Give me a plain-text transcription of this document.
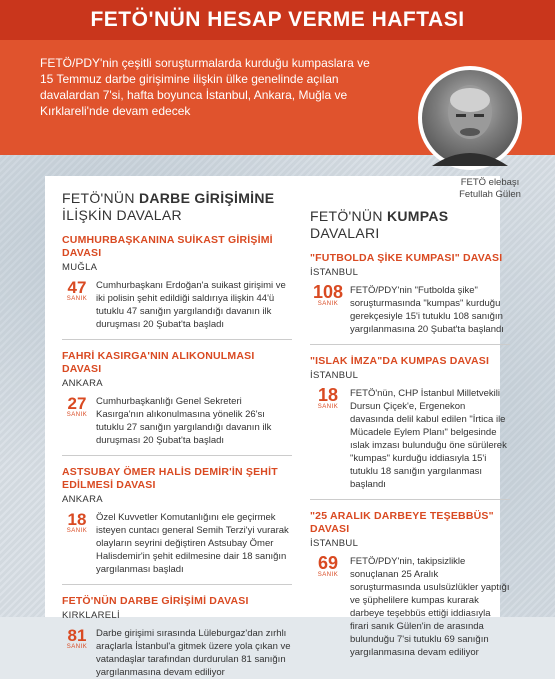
FETÖ'NÜN HESAP VERME HAFTASI
FETÖ/PDY'nin çeşitli soruşturmalarda kurduğu kumpaslara ve 15 Temmuz darbe girişimine ilişkin ülke genelinde açılan davalardan 7'si, hafta boyunca İstanbul, Ankara, Muğla ve Kırklareli'nde devam edecek
FETÖ elebaşı
Fetullah Gülen
FETÖ'NÜN DARBE GİRİŞİMİNE
İLİŞKİN DAVALAR
CUMHURBAŞKANINA SUİKAST GİRİŞİMİ DAVASI
MUĞLA
47
SANIK
Cumhurbaşkanı Erdoğan'a suikast girişimi ve iki polisin şehit edildiği saldırıya ilişkin 44'ü tutuklu 47 sanığın yargılandığı davanın ilk duruşması 20 Şubat'ta başladı
FAHRİ KASIRGA'NIN ALIKONULMASI DAVASI
ANKARA
27
SANIK
Cumhurbaşkanlığı Genel Sekreteri Kasırga'nın alıkonulmasına yönelik 26'sı tutuklu 27 sanığın yargılandığı davanın ilk duruşması 20 Şubat'ta başladı
ASTSUBAY ÖMER HALİS DEMİR'İN ŞEHİT EDİLMESİ DAVASI
ANKARA
18
SANIK
Özel Kuvvetler Komutanlığını ele geçirmek isteyen cuntacı general Semih Terzi'yi vurarak olayların seyrini değiştiren Astsubay Ömer Halisdemir'in şehit edilmesine dair 18 sanığın yargılanması başladı
FETÖ'NÜN DARBE GİRİŞİMİ DAVASI
KIRKLARELİ
81
SANIK
Darbe girişimi sırasında Lüleburgaz'dan zırhlı araçlarla İstanbul'a gitmek üzere yola çıkan ve vatandaşlar tarafından durdurulan 81 sanığın yargılanmasına devam ediliyor
FETÖ'NÜN KUMPAS
DAVALARI
"FUTBOLDA ŞİKE KUMPASI" DAVASI
İSTANBUL
108
SANIK
FETÖ/PDY'nin "Futbolda şike" soruşturmasında "kumpas" kurduğu gerekçesiyle 15'i tutuklu 108 sanığın yargılanmasına 20 Şubat'ta başlandı
"ISLAK İMZA"DA KUMPAS DAVASI
İSTANBUL
18
SANIK
FETÖ'nün, CHP İstanbul Milletvekili Dursun Çiçek'e, Ergenekon davasında delil kabul edilen "İrtica ile Mücadele Eylem Planı" belgesinde ıslak imzası bulunduğu öne sürülerek "kumpas" kurduğu iddiasıyla 15'i tutuklu 18 sanığın yargılanması başlandı
"25 ARALIK DARBEYE TEŞEBBÜS" DAVASI
İSTANBUL
69
SANIK
FETÖ/PDY'nin, takipsizlikle sonuçlanan 25 Aralık soruşturmasında usulsüzlükler yaptığı ve şüphelilere kumpas kurarak darbeye teşebbüs ettiği iddiasıyla firari sanık Gülen'in de arasında bulunduğu 7'si tutuklu 69 sanığın yargılanmasına devam ediliyor
